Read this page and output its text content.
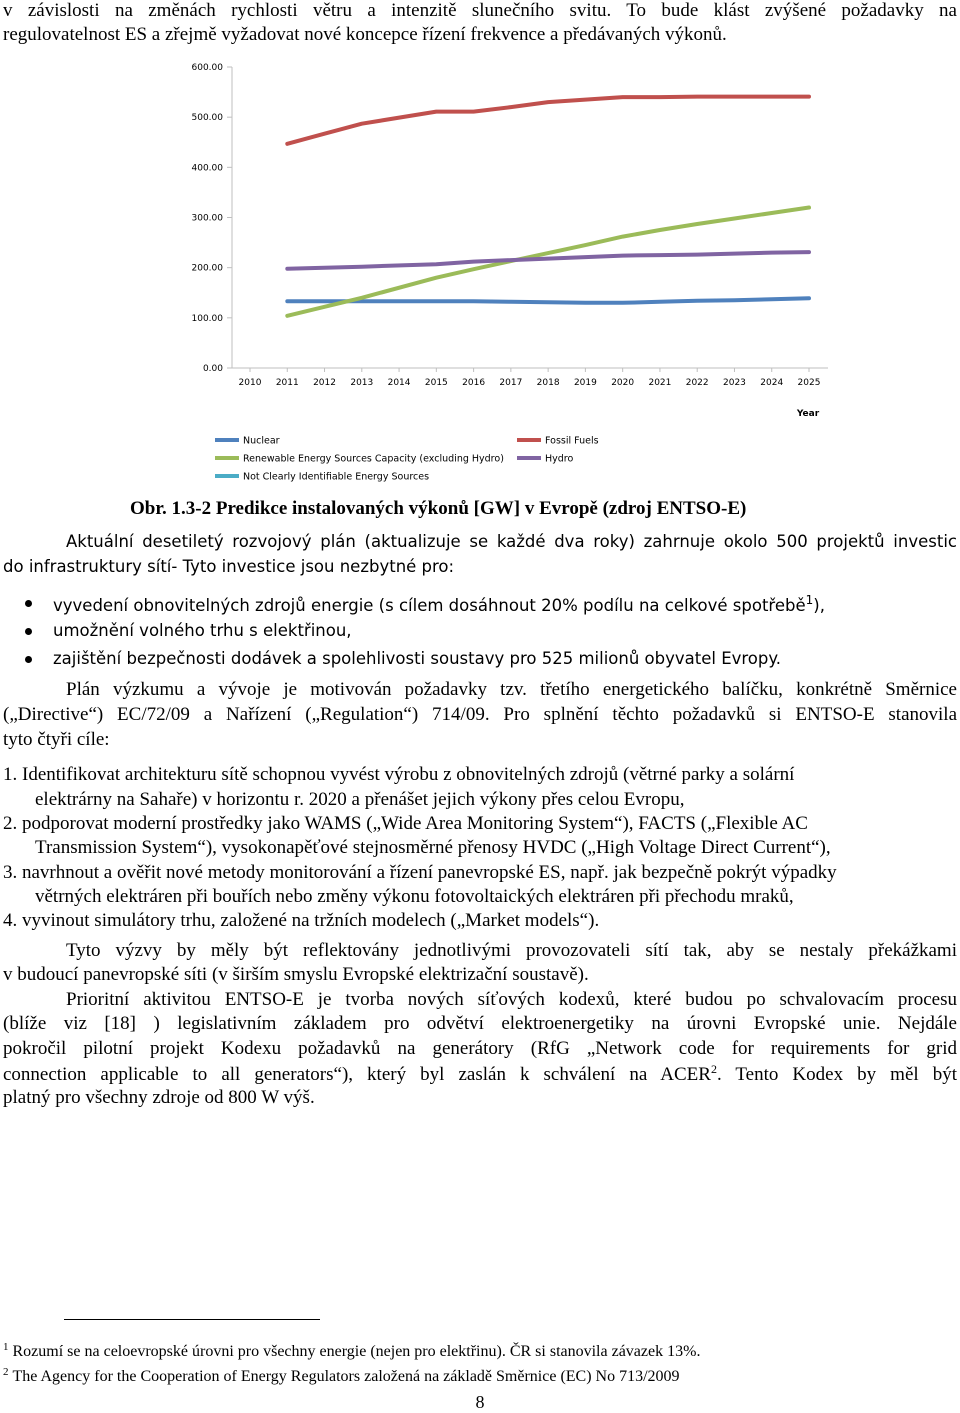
v závislosti na změnách rychlosti větru a intenzitě slunečního svitu. To bude klást zvýšené požadavky na
regulovatelnost ES a zřejmě vyžadovat nové koncepce řízení frekvence a předávaných výkonů.
0.00
100.00
200.00
300.00
400.00
500.00
600.00
2010 2011 2012 2013 2014 2015 2016 2017 2018 2019 2020 2021 2022 2023 2024 2025
Nuclear	Fossil Fuels
Renewable Energy Sources Capacity (excluding Hydro)	Hydro
Not Clearly Identifiable Energy Sources
Year
Obr. 1.3-2 Predikce instalovaných výkonů [GW] v Evropě (zdroj ENTSO-E)
Aktuální desetiletý rozvojový plán (aktualizuje se každé dva roky) zahrnuje okolo 500 projektů investic
do infrastruktury sítí- Tyto investice jsou nezbytné pro:
vyvedení obnovitelných zdrojů energie (s cílem dosáhnout 20% podílu na celkové spotřebě$^1$),
umožnění volného trhu s elektřinou,
zajištění bezpečnosti dodávek a spolehlivosti soustavy pro 525 milionů obyvatel Evropy.
Plán výzkumu a vývoje je motivován požadavky tzv. třetího energetického balíčku, konkrétně Směrnice
(„Directive“) EC/72/09 a Nařízení („Regulation“) 714/09. Pro splnění těchto požadavků si ENTSO-E stanovila
tyto čtyři cíle:
1. Identifikovat architekturu sítě schopnou vyvést výrobu z obnovitelných zdrojů (větrné parky a solární
elektrárny na Sahaře) v horizontu r. 2020 a přenášet jejich výkony přes celou Evropu,
2. podporovat moderní prostředky jako WAMS („Wide Area Monitoring System“), FACTS („Flexible AC
Transmission System“), vysokonapěťové stejnosměrné přenosy HVDC („High Voltage Direct Current“),
3. navrhnout a ověřit nové metody monitorování a řízení panevropské ES, např. jak bezpečně pokrýt výpadky
větrných elektráren při bouřích nebo změny výkonu fotovoltaických elektráren při přechodu mraků,
4. vyvinout simulátory trhu, založené na tržních modelech („Market models“).
Tyto výzvy by měly být reflektovány jednotlivými provozovateli sítí tak, aby se nestaly překážkami
v budoucí panevropské síti (v širším smyslu Evropské elektrizační soustavě).
Prioritní aktivitou ENTSO-E je tvorba nových síťových kodexů, které budou po schvalovacím procesu
(blíže viz [18] ) legislativním základem pro odvětví elektroenergetiky na úrovni Evropské unie. Nejdále
pokročil pilotní projekt Kodexu požadavků na generátory (RfG „Network code for requirements for grid
connection applicable to all generators“), který byl zaslán k schválení na ACER$^2$. Tento Kodex by měl být
platný pro všechny zdroje od 800 W výš.
$^1$ Rozumí se na celoevropské úrovni pro všechny energie (nejen pro elektřinu). ČR si stanovila závazek 13%.
$^2$ The Agency for the Cooperation of Energy Regulators založená na základě Směrnice (EC) No 713/2009
8
